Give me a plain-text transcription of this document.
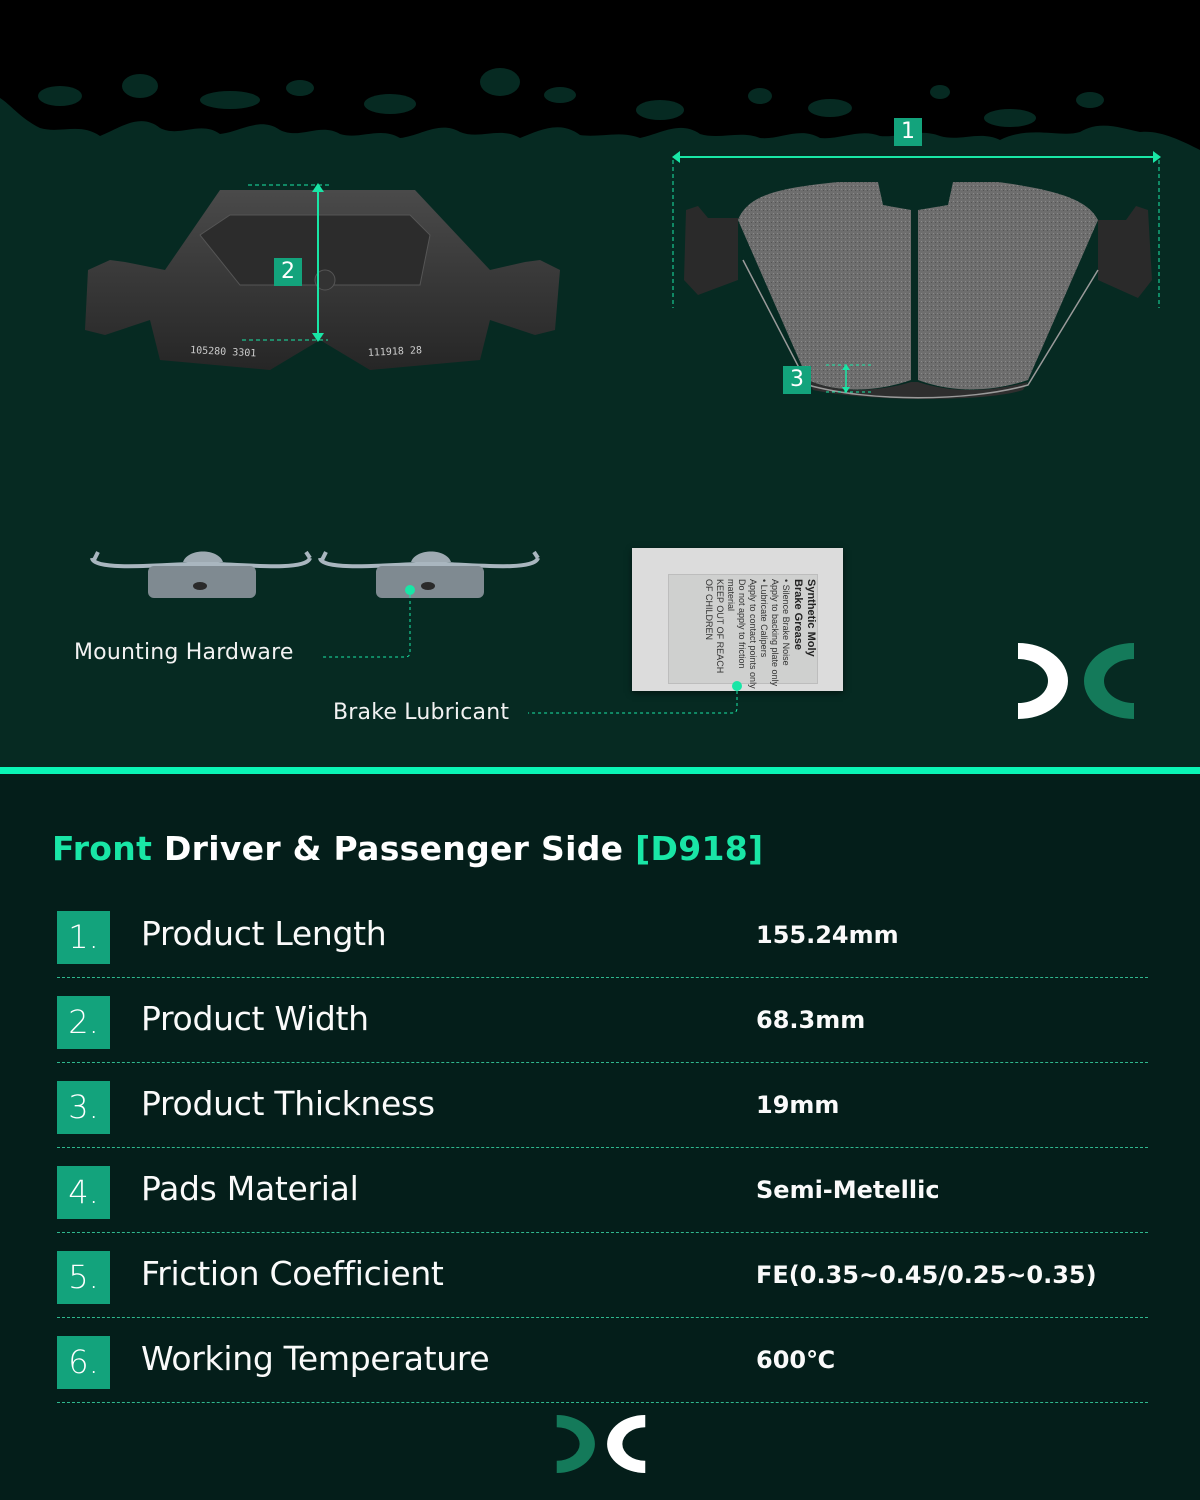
105280 3301	111918 28
2
1
3
Synthetic Moly
Brake Grease
• Silence Brake Noise
Apply to backing plate only
• Lubricate Calipers
Apply to contact points only
Do not apply to friction material
KEEP OUT OF REACH
OF CHILDREN
Mounting Hardware
Brake Lubricant
Front Driver & Passenger Side [D918]
1.	Product Length	155.24mm
2.	Product Width	68.3mm
3.	Product Thickness	19mm
4.	Pads Material	Semi-Metellic
5.	Friction Coefficient	FE(0.35~0.45/0.25~0.35)
6.	Working Temperature	600℃
